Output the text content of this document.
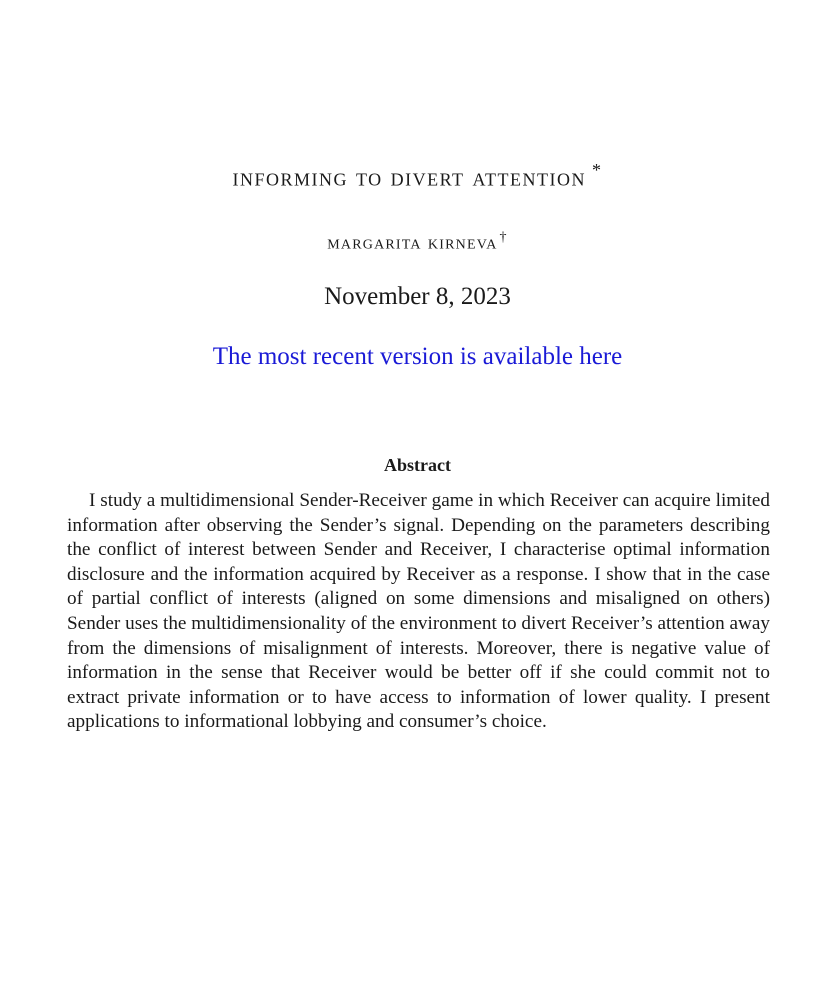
informing to divert attention *

margarita kirneva †

November 8, 2023
The most recent version is available here
Abstract

I study a multidimensional Sender-Receiver game in which Receiver can acquire limited information after observing the Sender’s signal. Depending on the parameters describing the conflict of interest between Sender and Receiver, I characterise optimal information disclosure and the information acquired by Receiver as a response. I show that in the case of partial conflict of interests (aligned on some dimensions and misaligned on others) Sender uses the multidimensionality of the environment to divert Receiver’s attention away from the dimensions of misalignment of interests. Moreover, there is negative value of information in the sense that Receiver would be better off if she could commit not to extract private information or to have access to information of lower quality. I present applications to informational lobbying and consumer’s choice.
